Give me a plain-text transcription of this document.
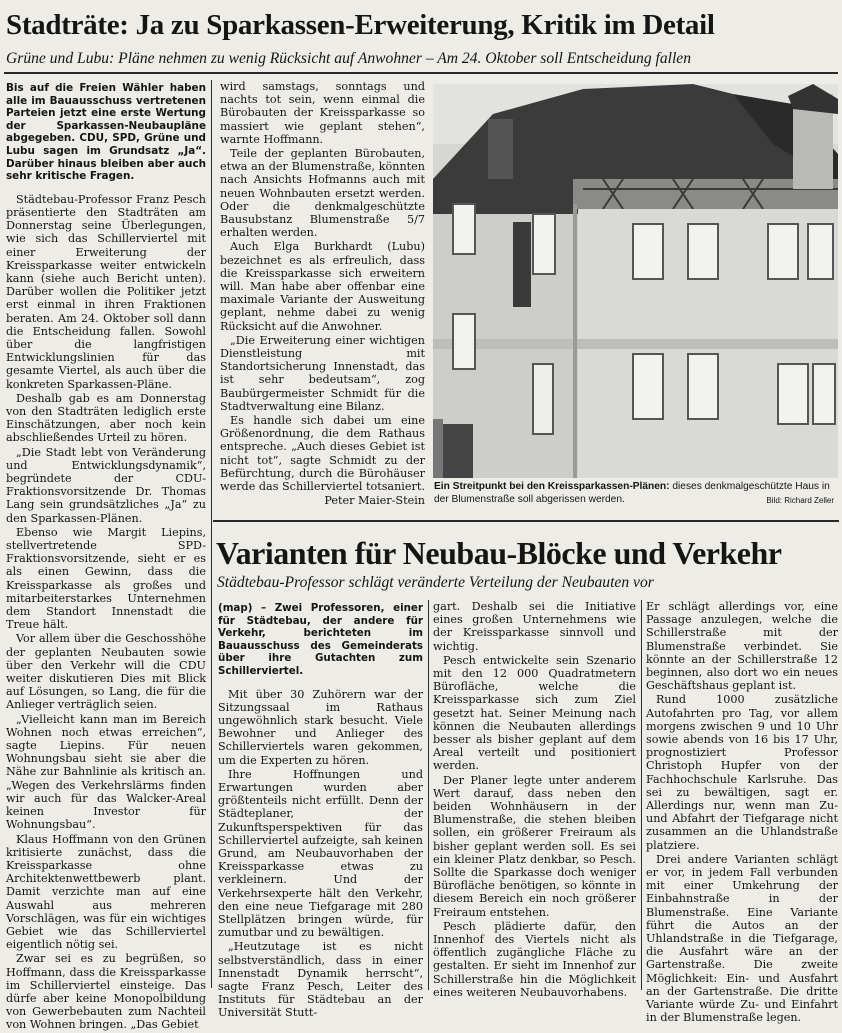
Stadträte: Ja zu Sparkassen-Erweiterung, Kritik im Detail
Grüne und Lubu: Pläne nehmen zu wenig Rücksicht auf Anwohner – Am 24. Oktober soll Entscheidung fallen

Bis auf die Freien Wähler haben alle im Bauausschuss vertretenen Parteien jetzt eine erste Wertung der Sparkassen-Neubaupläne abgegeben. CDU, SPD, Grüne und Lubu sagen im Grundsatz „Ja“. Darüber hinaus bleiben aber auch sehr kritische Fragen.

Städtebau-Professor Franz Pesch präsentierte den Stadträten am Donnerstag seine Überlegungen, wie sich das Schillerviertel mit einer Erweiterung der Kreissparkasse weiter entwickeln kann (siehe auch Bericht unten). Darüber wollen die Politiker jetzt erst einmal in ihren Fraktionen beraten. Am 24. Oktober soll dann die Entscheidung fallen. Sowohl über die langfristigen Entwicklungslinien für das gesamte Viertel, als auch über die konkreten Sparkassen-Pläne.

Deshalb gab es am Donnerstag von den Stadträten lediglich erste Einschätzungen, aber noch kein abschließendes Urteil zu hören.

„Die Stadt lebt von Veränderung und Entwicklungsdynamik“, begründete der CDU-Fraktionsvorsitzende Dr. Thomas Lang sein grundsätzliches „Ja“ zu den Sparkassen-Plänen.

Ebenso wie Margit Liepins, stellvertretende SPD-Fraktionsvorsitzende, sieht er es als einen Gewinn, dass die Kreissparkasse als großes und mitarbeiterstarkes Unternehmen dem Standort Innenstadt die Treue hält.

Vor allem über die Geschosshöhe der geplanten Neubauten sowie über den Verkehr will die CDU weiter diskutieren Dies mit Blick auf Lösungen, so Lang, die für die Anlieger verträglich seien.

„Vielleicht kann man im Bereich Wohnen noch etwas erreichen“, sagte Liepins. Für neuen Wohnungsbau sieht sie aber die Nähe zur Bahnlinie als kritisch an. „Wegen des Verkehrslärms finden wir auch für das Walcker-Areal keinen Investor für Wohnungsbau“.

Klaus Hoffmann von den Grünen kritisierte zunächst, dass die Kreissparkasse ohne Architektenwettbewerb plant. Damit verzichte man auf eine Auswahl aus mehreren Vorschlägen, was für ein wichtiges Gebiet wie das Schillerviertel eigentlich nötig sei.

Zwar sei es zu begrüßen, so Hoffmann, dass die Kreissparkasse im Schillerviertel einsteige. Das dürfe aber keine Monopolbildung von Gewerbebauten zum Nachteil von Wohnen bringen. „Das Gebiet

wird samstags, sonntags und nachts tot sein, wenn einmal die Bürobauten der Kreissparkasse so massiert wie geplant stehen“, warnte Hoffmann.

Teile der geplanten Bürobauten, etwa an der Blumenstraße, könnten nach Ansichts Hofmanns auch mit neuen Wohnbauten ersetzt werden. Oder die denkmalgeschützte Bausubstanz Blumenstraße 5/7 erhalten werden.

Auch Elga Burkhardt (Lubu) bezeichnet es als erfreulich, dass die Kreissparkasse sich erweitern will. Man habe aber offenbar eine maximale Variante der Ausweitung geplant, nehme dabei zu wenig Rücksicht auf die Anwohner.

„Die Erweiterung einer wichtigen Dienstleistung mit Standortsicherung Innenstadt, das ist sehr bedeutsam“, zog Baubürgermeister Schmidt für die Stadtverwaltung eine Bilanz.

Es handle sich dabei um eine Größenordnung, die dem Rathaus entspreche. „Auch dieses Gebiet ist nicht tot“, sagte Schmidt zu der Befürchtung, durch die Bürohäuser werde das Schillerviertel totsaniert.

Peter Maier-Stein

Ein Streitpunkt bei den Kreissparkassen-Plänen: dieses denkmalgeschützte Haus in der Blumenstraße soll abgerissen werden.	Bild: Richard Zeller
Varianten für Neubau-Blöcke und Verkehr
Städtebau-Professor schlägt veränderte Verteilung der Neubauten vor

(map) – Zwei Professoren, einer für Städtebau, der andere für Verkehr, berichteten im Bauausschuss des Gemeinderats über ihre Gutachten zum Schillerviertel.

Mit über 30 Zuhörern war der Sitzungssaal im Rathaus ungewöhnlich stark besucht. Viele Bewohner und Anlieger des Schillerviertels waren gekommen, um die Experten zu hören.

Ihre Hoffnungen und Erwartungen wurden aber größtenteils nicht erfüllt. Denn der Städteplaner, der Zukunftsperspektiven für das Schillerviertel aufzeigte, sah keinen Grund, am Neubauvorhaben der Kreissparkasse etwas zu verkleinern. Und der Verkehrsexperte hält den Verkehr, den eine neue Tiefgarage mit 280 Stellplätzen bringen würde, für zumutbar und zu bewältigen.

„Heutzutage ist es nicht selbstverständlich, dass in einer Innenstadt Dynamik herrscht“, sagte Franz Pesch, Leiter des Instituts für Städtebau an der Universität Stutt-

gart. Deshalb sei die Initiative eines großen Unternehmens wie der Kreissparkasse sinnvoll und wichtig.

Pesch entwickelte sein Szenario mit den 12 000 Quadratmetern Bürofläche, welche die Kreissparkasse sich zum Ziel gesetzt hat. Seiner Meinung nach können die Neubauten allerdings besser als bisher geplant auf dem Areal verteilt und positioniert werden.

Der Planer legte unter anderem Wert darauf, dass neben den beiden Wohnhäusern in der Blumenstraße, die stehen bleiben sollen, ein größerer Freiraum als bisher geplant werden soll. Es sei ein kleiner Platz denkbar, so Pesch. Sollte die Sparkasse doch weniger Bürofläche benötigen, so könnte in diesem Bereich ein noch größerer Freiraum entstehen.

Pesch plädierte dafür, den Innenhof des Viertels nicht als öffentlich zugängliche Fläche zu gestalten. Er sieht im Innenhof zur Schillerstraße hin die Möglichkeit eines weiteren Neubauvorhabens.

Er schlägt allerdings vor, eine Passage anzulegen, welche die Schillerstraße mit der Blumenstraße verbindet. Sie könnte an der Schillerstraße 12 beginnen, also dort wo ein neues Geschäftshaus geplant ist.

Rund 1000 zusätzliche Autofahrten pro Tag, vor allem morgens zwischen 9 und 10 Uhr sowie abends von 16 bis 17 Uhr, prognostiziert Professor Christoph Hupfer von der Fachhochschule Karlsruhe. Das sei zu bewältigen, sagt er. Allerdings nur, wenn man Zu- und Abfahrt der Tiefgarage nicht zusammen an die Uhlandstraße platziere.

Drei andere Varianten schlägt er vor, in jedem Fall verbunden mit einer Umkehrung der Einbahnstraße in der Blumenstraße. Eine Variante führt die Autos an der Uhlandstraße in die Tiefgarage, die Ausfahrt wäre an der Gartenstraße. Die zweite Möglichkeit: Ein- und Ausfahrt an der Gartenstraße. Die dritte Variante würde Zu- und Einfahrt in der Blumenstraße legen.
